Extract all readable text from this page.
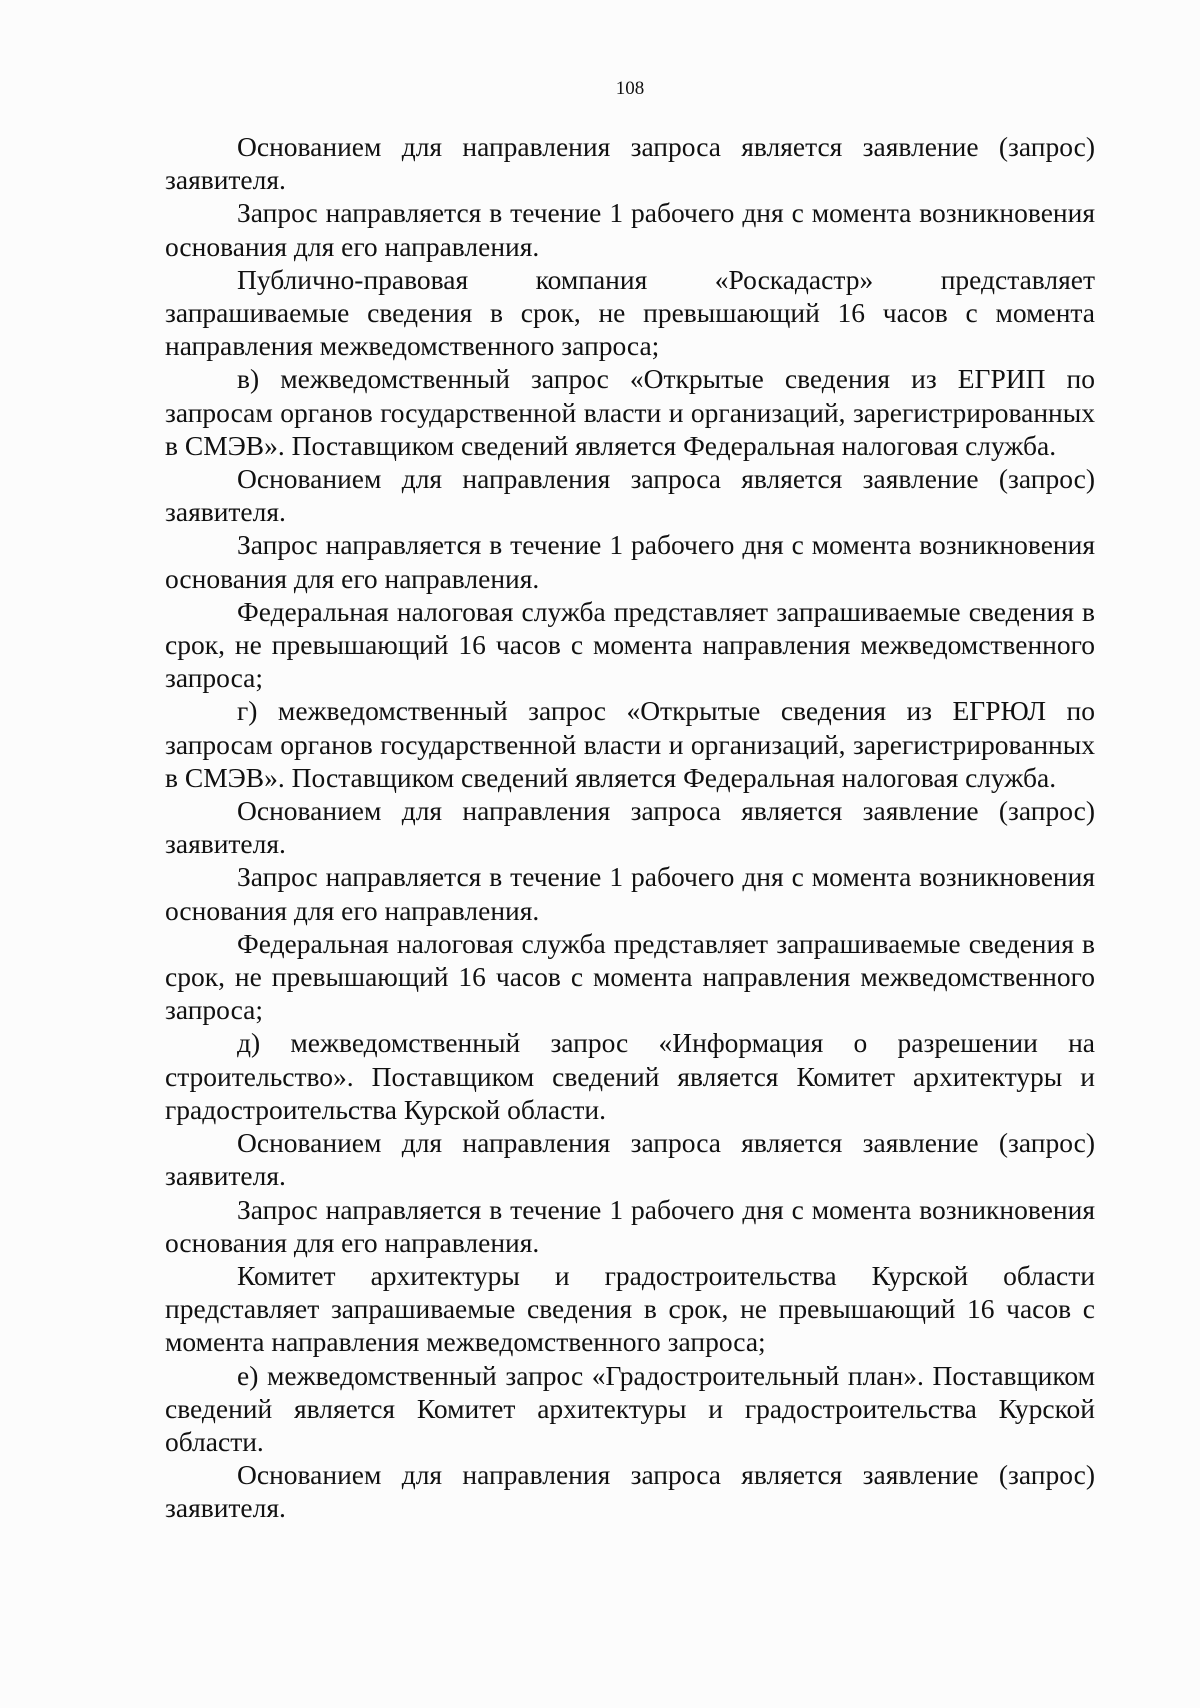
108

Основанием для направления запроса является заявление (запрос) заявителя.

Запрос направляется в течение 1 рабочего дня с момента возникновения основания для его направления.

Публично-правовая компания «Роскадастр» представляет запрашиваемые сведения в срок, не превышающий 16 часов с момента направления межведомственного запроса;

в) межведомственный запрос «Открытые сведения из ЕГРИП по запросам органов государственной власти и организаций, зарегистрированных в СМЭВ». Поставщиком сведений является Федеральная налоговая служба.

Основанием для направления запроса является заявление (запрос) заявителя.

Запрос направляется в течение 1 рабочего дня с момента возникновения основания для его направления.

Федеральная налоговая служба представляет запрашиваемые сведения в срок, не превышающий 16 часов с момента направления межведомственного запроса;

г) межведомственный запрос «Открытые сведения из ЕГРЮЛ по запросам органов государственной власти и организаций, зарегистрированных в СМЭВ». Поставщиком сведений является Федеральная налоговая служба.

Основанием для направления запроса является заявление (запрос) заявителя.

Запрос направляется в течение 1 рабочего дня с момента возникновения основания для его направления.

Федеральная налоговая служба представляет запрашиваемые сведения в срок, не превышающий 16 часов с момента направления межведомственного запроса;

д) межведомственный запрос «Информация о разрешении на строительство». Поставщиком сведений является Комитет архитектуры и градостроительства Курской области.

Основанием для направления запроса является заявление (запрос) заявителя.

Запрос направляется в течение 1 рабочего дня с момента возникновения основания для его направления.

Комитет архитектуры и градостроительства Курской области представляет запрашиваемые сведения в срок, не превышающий 16 часов с момента направления межведомственного запроса;

е) межведомственный запрос «Градостроительный план». Поставщиком сведений является Комитет архитектуры и градостроительства Курской области.

Основанием для направления запроса является заявление (запрос) заявителя.
